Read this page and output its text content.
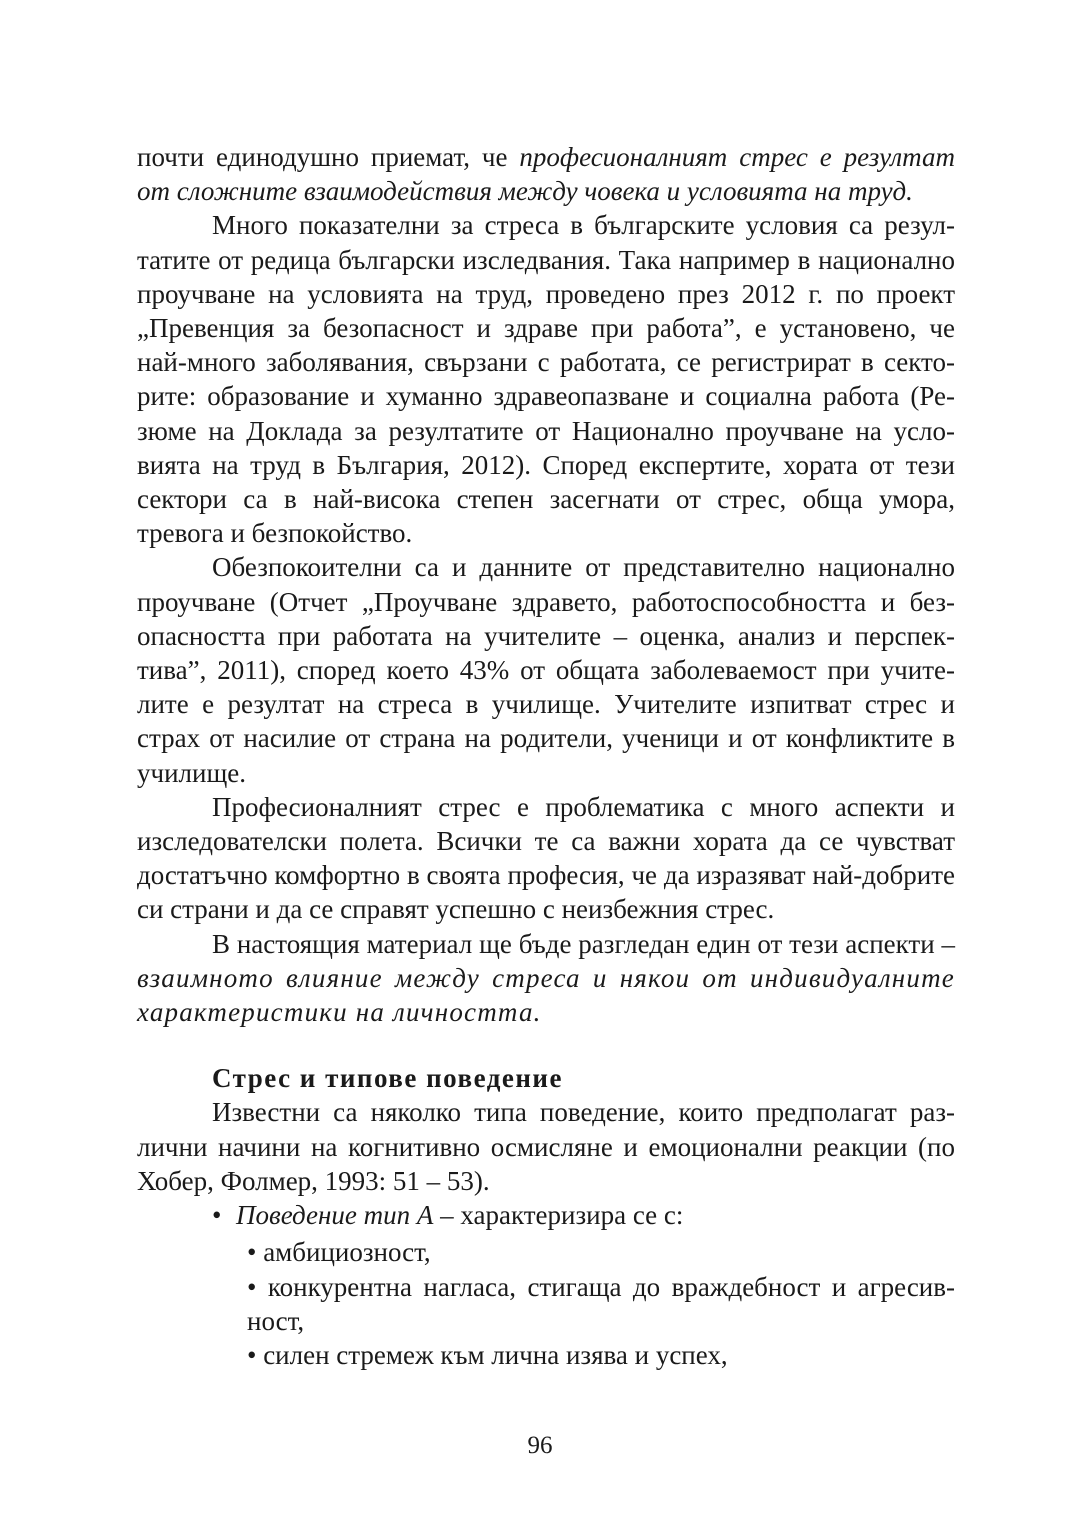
почти единодушно приемат, че професионалният стрес е резултат от сложните взаимодействия между човека и условията на труд.

Много показателни за стреса в българските условия са резултатите от редица български изследвания. Така например в национално проучване на условията на труд, проведено през 2012 г. по проект „Превенция за безопасност и здраве при работа”, е установено, че най-много заболявания, свързани с работата, се регистрират в секторите: образование и хуманно здравеопазване и социална работа (Резюме на Доклада за резултатите от Национално проучване на условията на труд в България, 2012). Според експертите, хората от тези сектори са в най-висока степен засегнати от стрес, обща умора, тревога и безпокойство.

Обезпокоителни са и данните от представително национално проучване (Отчет „Проучване здравето, работоспособността и безопасността при работата на учителите – оценка, анализ и перспектива”, 2011), според което 43% от общата заболеваемост при учителите е резултат на стреса в училище. Учителите изпитват стрес и страх от насилие от страна на родители, ученици и от конфликтите в училище.

Професионалният стрес е проблематика с много аспекти и изследователски полета. Всички те са важни хората да се чувстват достатъчно комфортно в своята професия, че да изразяват най-добрите си страни и да се справят успешно с неизбежния стрес.

В настоящия материал ще бъде разгледан един от тези аспекти – взаимното влияние между стреса и някои от индивидуалните характеристики на личността.

Стрес и типове поведение

Известни са няколко типа поведение, които предполагат различни начини на когнитивно осмисляне и емоционални реакции (по Хобер, Фолмер, 1993: 51 – 53).

• Поведение тип А – характеризира се с:
• амбициозност,
• конкурентна нагласа, стигаща до враждебност и агресивност,
• силен стремеж към лична изява и успех,
96
